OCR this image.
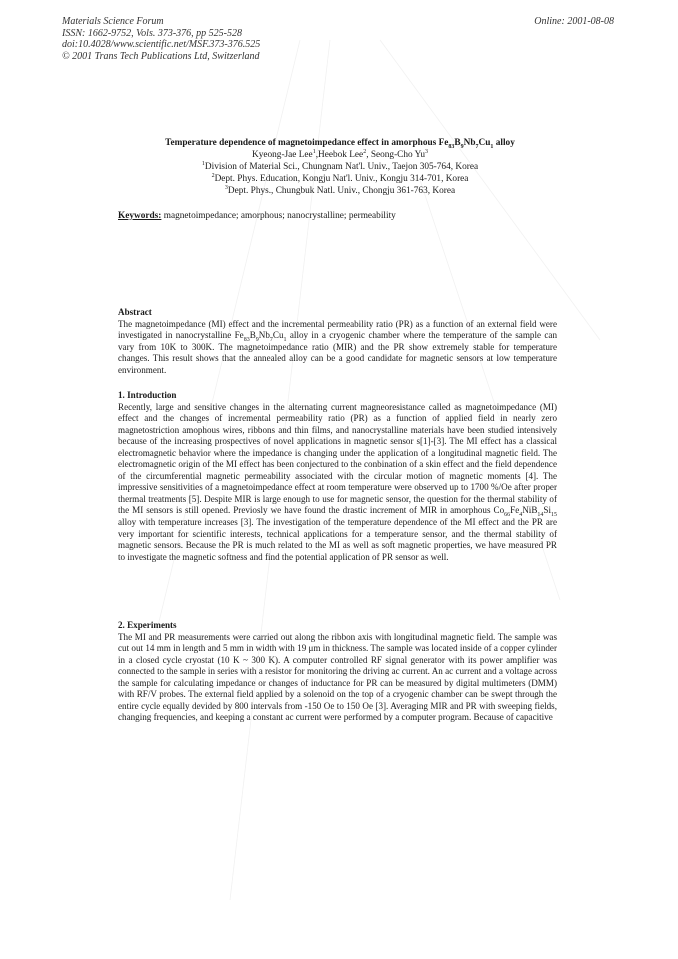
Materials Science Forum
ISSN: 1662-9752, Vols. 373-376, pp 525-528
doi:10.4028/www.scientific.net/MSF.373-376.525
© 2001 Trans Tech Publications Ltd, Switzerland
Online: 2001-08-08
Temperature dependence of magnetoimpedance effect in amorphous $Fe_{83}B_9Nb_7Cu_1$ alloy
Kyeong-Jae Lee$^1$,Heebok Lee$^2$, Seong-Cho Yu$^3$
$^1$Division of Material Sci., Chungnam Nat'l. Univ., Taejon 305-764, Korea
$^2$Dept. Phys. Education, Kongju Nat'l. Univ., Kongju 314-701, Korea
$^3$Dept. Phys., Chungbuk Natl. Univ., Chongju 361-763, Korea
Keywords: magnetoimpedance; amorphous; nanocrystalline; permeability
Abstract
The magnetoimpedance (MI) effect and the incremental permeability ratio (PR) as a function of an external field were investigated in nanocrystalline $Fe_{83}B_9Nb_7Cu_1$ alloy in a cryogenic chamber where the temperature of the sample can vary from 10K to 300K. The magnetoimpedance ratio (MIR) and the PR show extremely stable for temperature changes. This result shows that the annealed alloy can be a good candidate for magnetic sensors at low temperature environment.
1. Introduction
Recently, large and sensitive changes in the alternating current magneoresistance called as magnetoimpedance (MI) effect and the changes of incremental permeability ratio (PR) as a function of applied field in nearly zero magnetostriction amophous wires, ribbons and thin films, and nanocrystalline materials have been studied intensively because of the increasing prospectives of novel applications in magnetic sensor s[1]-[3]. The MI effect has a classical electromagnetic behavior where the impedance is changing under the application of a longitudinal magnetic field. The electromagnetic origin of the MI effect has been conjectured to the conbination of a skin effect and the field dependence of the circumferential magnetic permeability associated with the circular motion of magnetic moments [4]. The impressive sensitivities of a magnetoimpedance effect at room temperature were observed up to 1700 %/Oe after proper thermal treatments [5]. Despite MIR is large enough to use for magnetic sensor, the question for the thermal stability of the MI sensors is still opened. Previosly we have found the drastic increment of MIR in amorphous $Co_{66}Fe_4NiB_{14}Si_{15}$ alloy with temperature increases [3]. The investigation of the temperature dependence of the MI effect and the PR are very important for scientific interests, technical applications for a temperature sensor, and the thermal stability of magnetic sensors. Because the PR is much related to the MI as well as soft magnetic properties, we have measured PR to investigate the magnetic softness and find the potential application of PR sensor as well.
2. Experiments
The MI and PR measurements were carried out along the ribbon axis with longitudinal magnetic field. The sample was cut out 14 mm in length and 5 mm in width with 19 μm in thickness. The sample was located inside of a copper cylinder in a closed cycle cryostat (10 K ~ 300 K). A computer controlled RF signal generator with its power amplifier was connected to the sample in series with a resistor for monitoring the driving ac current. An ac current and a voltage across the sample for calculating impedance or changes of inductance for PR can be measured by digital multimeters (DMM) with RF/V probes. The external field applied by a solenoid on the top of a cryogenic chamber can be swept through the entire cycle equally devided by 800 intervals from -150 Oe to 150 Oe [3]. Averaging MIR and PR with sweeping fields, changing frequencies, and keeping a constant ac current were performed by a computer program. Because of capacitive
